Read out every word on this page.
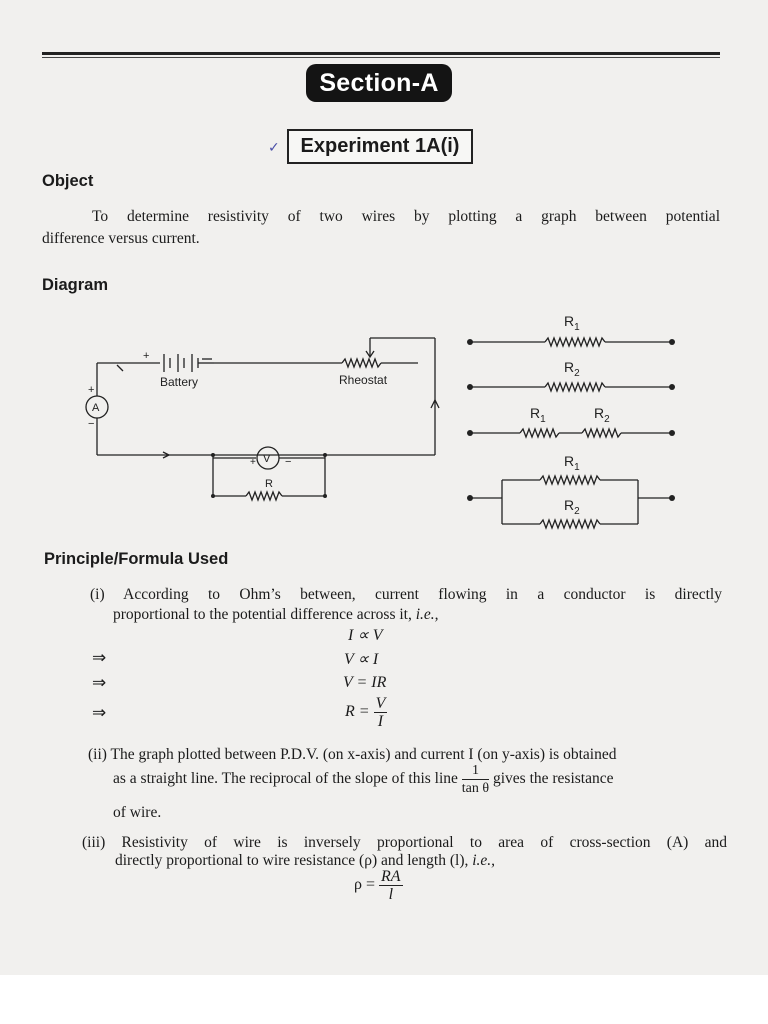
Section-A
✓	Experiment 1A(i)
Object
To determine resistivity of two wires by plotting a graph between potential
difference versus current.
Diagram
Battery	Rheostat
A
V
R
+
+
−
+	−
$R_1$
$R_2$
$R_1$	$R_2$
$R_1$
$R_2$
Principle/Formula Used
(i) According to Ohm’s between, current flowing in a conductor is directly
proportional to the potential difference across it, i.e.,
I ∝ V
⇒	V ∝ I
⇒	V = IR
⇒	$R = \frac{V}{I}$
(ii) The graph plotted between P.D.V. (on x-axis) and current I (on y-axis) is obtained
as a straight line. The reciprocal of the slope of this line $\frac{1}{\text{tan θ}}$ gives the resistance
of wire.
(iii) Resistivity of wire is inversely proportional to area of cross-section (A) and
directly proportional to wire resistance (ρ) and length (l), i.e.,
$\rho = \frac{RA}{l}$
